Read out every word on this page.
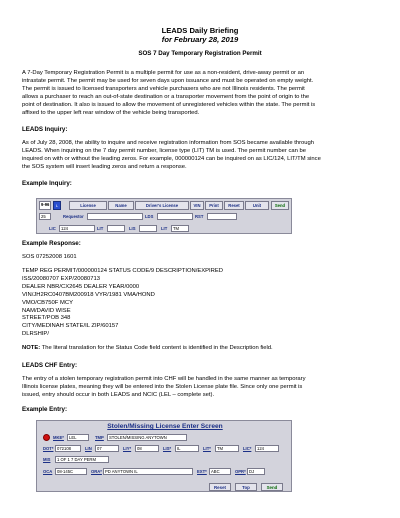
LEADS Daily Briefing
for February 28, 2019
SOS 7 Day Temporary Registration Permit
A 7-Day Temporary Registration Permit is a multiple permit for use as a non-resident, drive-away permit or an
intrastate permit. The permit may be used for seven days upon issuance and must be operated on empty weight.
The permit is issued to licensed transporters and vehicle purchasers who are not Illinois residents. The permit
allows a purchaser to reach an out-of-state destination or a transporter movement from the point of origin to the
point of destination. It also is issued to allow the movement of unregistered vehicles within the state. The permit is
affixed to the upper left rear window of the vehicle being transported.
LEADS Inquiry:
As of July 28, 2008, the ability to inquire and receive registration information from SOS became available through
LEADS. When inquiring on the 7 day permit number, license type (LIT) TM is used. The permit number can be
inquired on with or without the leading zeros. For example, 000000124 can be inquired on as LIC/124, LIT/TM since
the SOS system will insert leading zeros and return a response.
Example Inquiry:
9-96	L	License	Name	Driver's License	VIN	Print	Reset	Unit	Send
25	Requestor	LDS	RST
LIC	124	LIT	LIS	LIT	TM
Example Response:
SOS 07252008 1601
TEMP REG PERMIT/000000124 STATUS CODE/9 DESCRIPTION/EXPIRED
ISS/20080707 EXP/20080713
DEALER NBR/CX2645 DEALER YEAR/0000
VIN/JH2RC0407BM200918 VYR/1981 VMA/HOND
VMO/CB750F MCY
NAM/DAVID WISE
STREET/POB 348
CITY/MEDINAH STATE/IL ZIP/60157
DLRSHIP/
NOTE: The literal translation for the Status Code field content is identified in the Description field.
LEADS CHF Entry:
The entry of a stolen temporary registration permit into CHF will be handled in the same manner as temporary
Illinois license plates, meaning they will be entered into the Stolen License plate file. Since only one permit is
issued, entry should occur in both LEADS and NCIC (LEL – complete set).
Example Entry:
Stolen/Missing License Enter Screen
MKE*	LEL	TMP	STOLEN/MISSING ANYTOWN
DOT* 072108	LIN	07	LIY*	08	LIS*	IL	LIT*	TM	LIC*	124
MIS	1 OF 1 7 DAY PERM
OCA	08-145C	ORA* PD ANYTOWN IL	EXT*	ABC	OPR* DJ
Reset	Top	Send
